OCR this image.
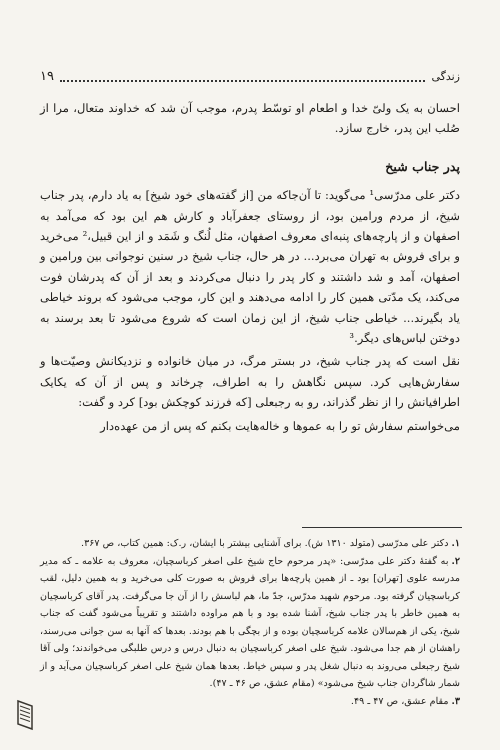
زندگی
۱۹

احسان به یک ولیّ خدا و اطعام او توسّط پدرم، موجب آن شد که خداوند متعال، مرا از صُلب این پدر، خارج سازد.

پدر جناب شیخ

دکتر علی مدرّسی¹ می‌گوید: تا آن‌جاکه من [از گفته‌های خود شیخ] به یاد دارم، پدر جناب شیخ، از مردم ورامین بود، از روستای جعفرآباد و کارش هم این بود که می‌آمد به اصفهان و از پارچه‌های پنبه‌ای معروف اصفهان، مثل لُنگ و شَمَد و از این قبیل،² می‌خرید و برای فروش به تهران می‌برد... در هر حال، جناب شیخ در سنین نوجوانی بین ورامین و اصفهان، آمد و شد داشتند و کار پدر را دنبال می‌کردند و بعد از آن که پدرشان فوت می‌کند، یک مدّتی همین کار را ادامه می‌دهند و این کار، موجب می‌شود که بروند خیاطی یاد بگیرند... خیاطی جناب شیخ، از این زمان است که شروع می‌شود تا بعد برسند به دوختن لباس‌های دیگر.³

نقل است که پدر جناب شیخ، در بستر مرگ، در میان خانواده و نزدیکانش وصیّت‌ها و سفارش‌هایی کرد. سپس نگاهش را به اطراف، چرخاند و پس از آن که یکایک اطرافیانش را از نظر گذراند، رو به رجبعلی [که فرزند کوچکش بود] کرد و گفت:

می‌خواستم سفارش تو را به عموها و خاله‌هایت بکنم که پس از من عهده‌دار

۱.دکتر علی مدرّسی (متولد ۱۳۱۰ ش). برای آشنایی بیشتر با ایشان، ر.ک: همین کتاب، ص ۳۶۷.

۲.به گفتهٔ دکتر علی مدرّسی: «پدر مرحوم حاج شیخ علی اصغر کرباسچیان، معروف به علامه ـ که مدیر مدرسه علوی [تهران] بود ـ از همین پارچه‌ها برای فروش به صورت کلی می‌خرید و به همین دلیل، لقب کرباسچیان گرفته بود. مرحوم شهید مدرّس، جدّ ما، هم لباسش را از آن جا می‌گرفت. پدر آقای کرباسچیان به همین خاطر با پدر جناب شیخ، آشنا شده بود و با هم مراوده داشتند و تقریباً می‌شود گفت که جناب شیخ، یکی از هم‌سالان علامه کرباسچیان بوده و از بچگی با هم بودند. بعدها که آنها به سن جوانی می‌رسند، راهشان از هم جدا می‌شود. شیخ علی اصغر کرباسچیان به دنبال درس و درس طلبگی می‌خواندند؛ ولی آقا شیخ رجبعلی می‌روند به دنبال شغل پدر و سپس خیاط. بعدها همان شیخ علی اصغر کرباسچیان می‌آید و از شمار شاگردان جناب شیخ می‌شود» (مقام عشق، ص ۴۶ ـ ۴۷).

۳.مقام عشق، ص ۴۷ ـ ۴۹.
